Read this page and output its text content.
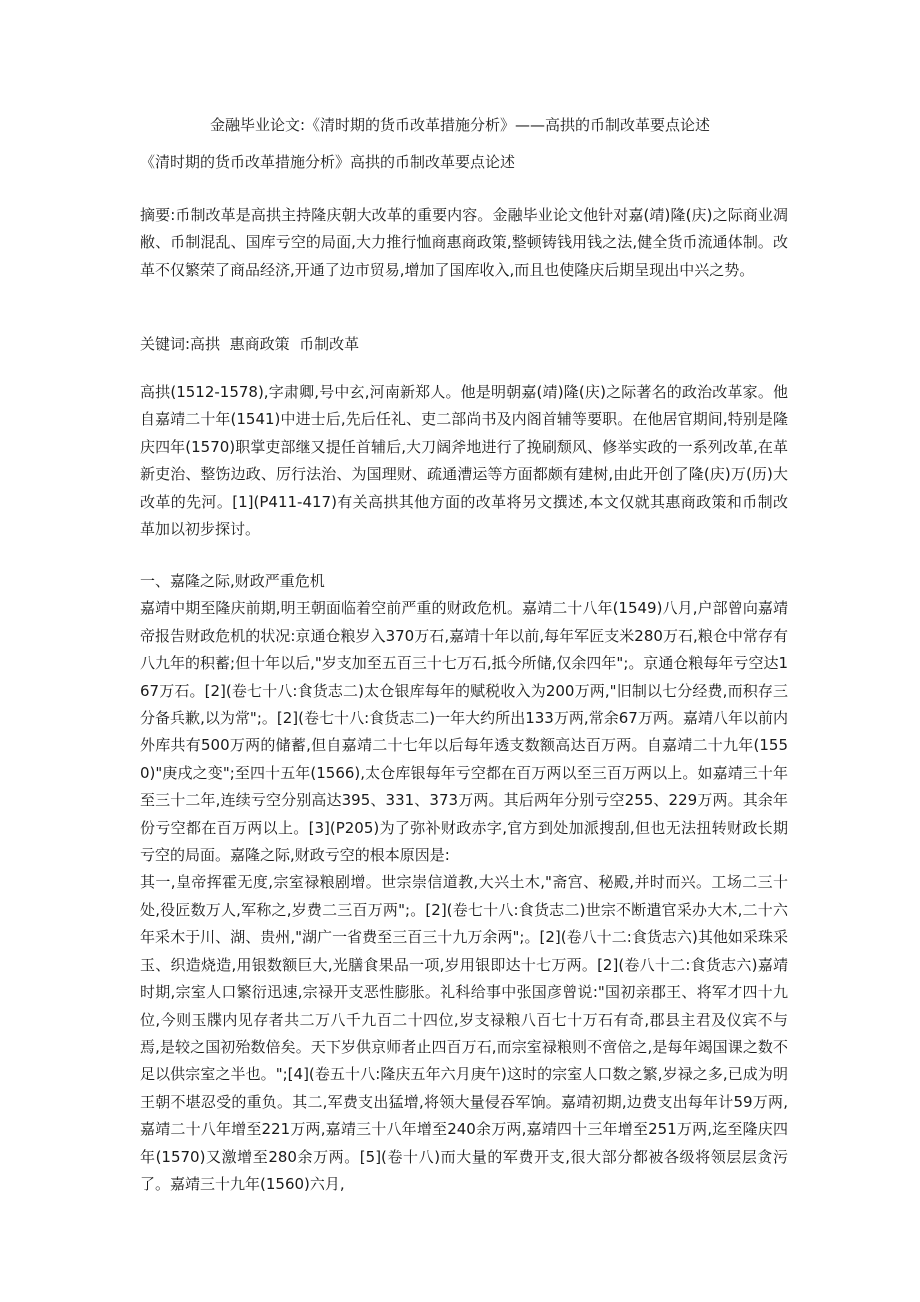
金融毕业论文:《清时期的货币改革措施分析》——高拱的币制改革要点论述
《清时期的货币改革措施分析》高拱的币制改革要点论述
摘要:币制改革是高拱主持隆庆朝大改革的重要内容。金融毕业论文他针对嘉(靖)隆(庆)之际商业凋敝、币制混乱、国库亏空的局面,大力推行恤商惠商政策,整顿铸钱用钱之法,健全货币流通体制。改革不仅繁荣了商品经济,开通了边市贸易,增加了国库收入,而且也使隆庆后期呈现出中兴之势。
关键词:高拱  惠商政策  币制改革
高拱(1512-1578),字肃卿,号中玄,河南新郑人。他是明朝嘉(靖)隆(庆)之际著名的政治改革家。他自嘉靖二十年(1541)中进士后,先后任礼、吏二部尚书及内阁首辅等要职。在他居官期间,特别是隆庆四年(1570)职掌吏部继又提任首辅后,大刀阔斧地进行了挽刷颓风、修举实政的一系列改革,在革新吏治、整饬边政、厉行法治、为国理财、疏通漕运等方面都颇有建树,由此开创了隆(庆)万(历)大改革的先河。[1](P411-417)有关高拱其他方面的改革将另文撰述,本文仅就其惠商政策和币制改革加以初步探讨。

一、嘉隆之际,财政严重危机

嘉靖中期至隆庆前期,明王朝面临着空前严重的财政危机。嘉靖二十八年(1549)八月,户部曾向嘉靖帝报告财政危机的状况:京通仓粮岁入370万石,嘉靖十年以前,每年军匠支米280万石,粮仓中常存有八九年的积蓄;但十年以后,"岁支加至五百三十七万石,抵今所储,仅余四年";。京通仓粮每年亏空达167万石。[2](卷七十八:食货志二)太仓银库每年的赋税收入为200万两,"旧制以七分经费,而积存三分备兵歉,以为常";。[2](卷七十八:食货志二)一年大约所出133万两,常余67万两。嘉靖八年以前内外库共有500万两的储蓄,但自嘉靖二十七年以后每年透支数额高达百万两。自嘉靖二十九年(1550)"庚戌之变";至四十五年(1566),太仓库银每年亏空都在百万两以至三百万两以上。如嘉靖三十年至三十二年,连续亏空分别高达395、331、373万两。其后两年分别亏空255、229万两。其余年份亏空都在百万两以上。[3](P205)为了弥补财政赤字,官方到处加派搜刮,但也无法扭转财政长期亏空的局面。嘉隆之际,财政亏空的根本原因是:

其一,皇帝挥霍无度,宗室禄粮剧增。世宗崇信道教,大兴土木,"斋宫、秘殿,并时而兴。工场二三十处,役匠数万人,军称之,岁费二三百万两";。[2](卷七十八:食货志二)世宗不断遣官采办大木,二十六年采木于川、湖、贵州,"湖广一省费至三百三十九万余两";。[2](卷八十二:食货志六)其他如采珠采玉、织造烧造,用银数额巨大,光膳食果品一项,岁用银即达十七万两。[2](卷八十二:食货志六)嘉靖时期,宗室人口繁衍迅速,宗禄开支恶性膨胀。礼科给事中张国彦曾说:"国初亲郡王、将军才四十九位,今则玉牒内见存者共二万八千九百二十四位,岁支禄粮八百七十万石有奇,郡县主君及仪宾不与焉,是较之国初殆数倍矣。天下岁供京师者止四百万石,而宗室禄粮则不啻倍之,是每年竭国课之数不足以供宗室之半也。";[4](卷五十八:隆庆五年六月庚午)这时的宗室人口数之繁,岁禄之多,已成为明王朝不堪忍受的重负。其二,军费支出猛增,将领大量侵吞军饷。嘉靖初期,边费支出每年计59万两,嘉靖二十八年增至221万两,嘉靖三十八年增至240余万两,嘉靖四十三年增至251万两,迄至隆庆四年(1570)又激增至280余万两。[5](卷十八)而大量的军费开支,很大部分都被各级将领层层贪污了。嘉靖三十九年(1560)六月,
